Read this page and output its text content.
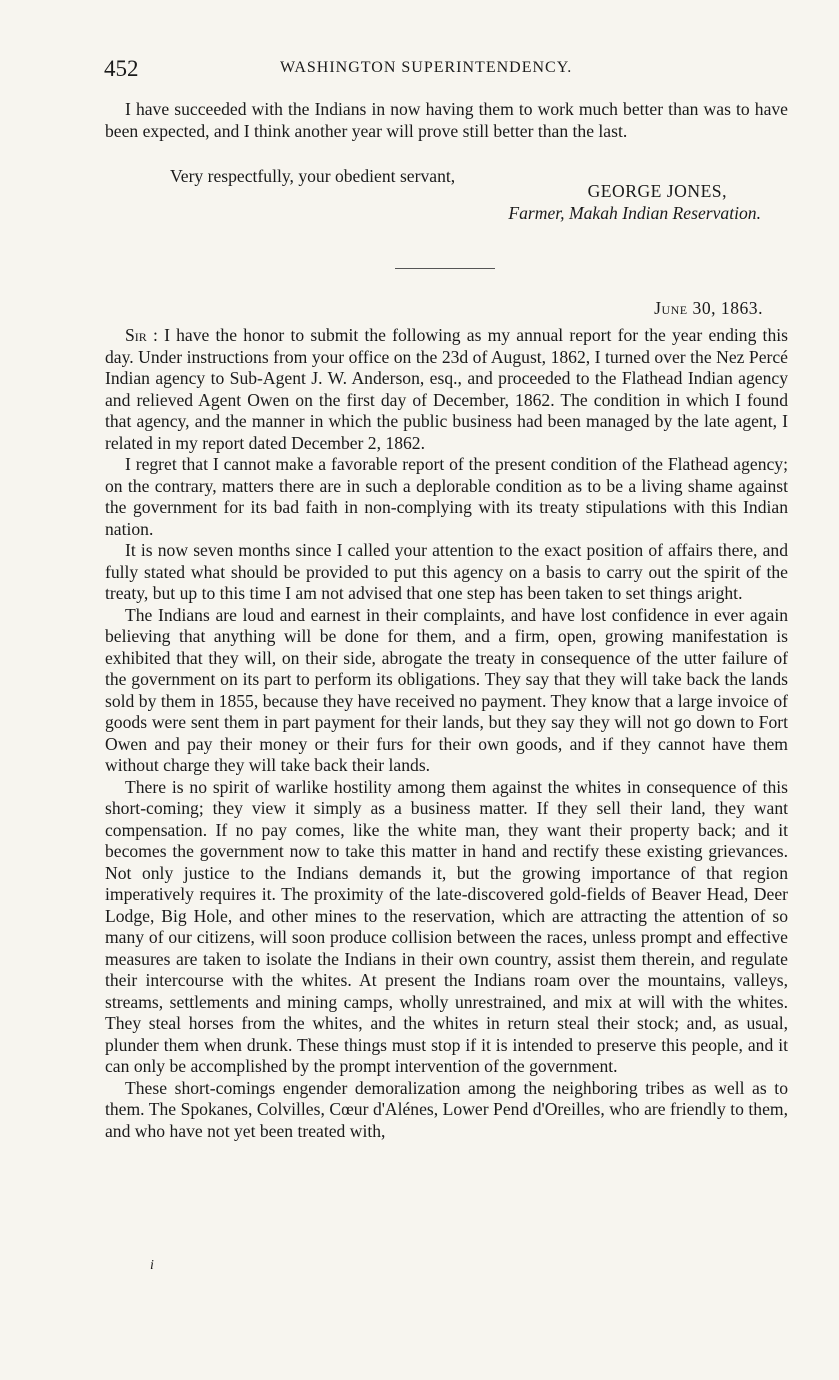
452	WASHINGTON SUPERINTENDENCY.

I have succeeded with the Indians in now having them to work much better than was to have been expected, and I think another year will prove still better than the last.

Very respectfully, your obedient servant,
GEORGE JONES,
Farmer, Makah Indian Reservation.
June 30, 1863.

Sir : I have the honor to submit the following as my annual report for the year ending this day. Under instructions from your office on the 23d of August, 1862, I turned over the Nez Percé Indian agency to Sub-Agent J. W. Anderson, esq., and proceeded to the Flathead Indian agency and relieved Agent Owen on the first day of December, 1862. The condition in which I found that agency, and the manner in which the public business had been managed by the late agent, I related in my report dated December 2, 1862.

I regret that I cannot make a favorable report of the present condition of the Flathead agency; on the contrary, matters there are in such a deplorable condition as to be a living shame against the government for its bad faith in non-complying with its treaty stipulations with this Indian nation.

It is now seven months since I called your attention to the exact position of affairs there, and fully stated what should be provided to put this agency on a basis to carry out the spirit of the treaty, but up to this time I am not advised that one step has been taken to set things aright.

The Indians are loud and earnest in their complaints, and have lost confidence in ever again believing that anything will be done for them, and a firm, open, growing manifestation is exhibited that they will, on their side, abrogate the treaty in consequence of the utter failure of the government on its part to perform its obligations. They say that they will take back the lands sold by them in 1855, because they have received no payment. They know that a large invoice of goods were sent them in part payment for their lands, but they say they will not go down to Fort Owen and pay their money or their furs for their own goods, and if they cannot have them without charge they will take back their lands.

There is no spirit of warlike hostility among them against the whites in consequence of this short-coming; they view it simply as a business matter. If they sell their land, they want compensation. If no pay comes, like the white man, they want their property back; and it becomes the government now to take this matter in hand and rectify these existing grievances. Not only justice to the Indians demands it, but the growing importance of that region imperatively requires it. The proximity of the late-discovered gold-fields of Beaver Head, Deer Lodge, Big Hole, and other mines to the reservation, which are attracting the attention of so many of our citizens, will soon produce collision between the races, unless prompt and effective measures are taken to isolate the Indians in their own country, assist them therein, and regulate their intercourse with the whites. At present the Indians roam over the mountains, valleys, streams, settlements and mining camps, wholly unrestrained, and mix at will with the whites. They steal horses from the whites, and the whites in return steal their stock; and, as usual, plunder them when drunk. These things must stop if it is intended to preserve this people, and it can only be accomplished by the prompt intervention of the government.

These short-comings engender demoralization among the neighboring tribes as well as to them. The Spokanes, Colvilles, Cœur d'Alénes, Lower Pend d'Oreilles, who are friendly to them, and who have not yet been treated with,

i
